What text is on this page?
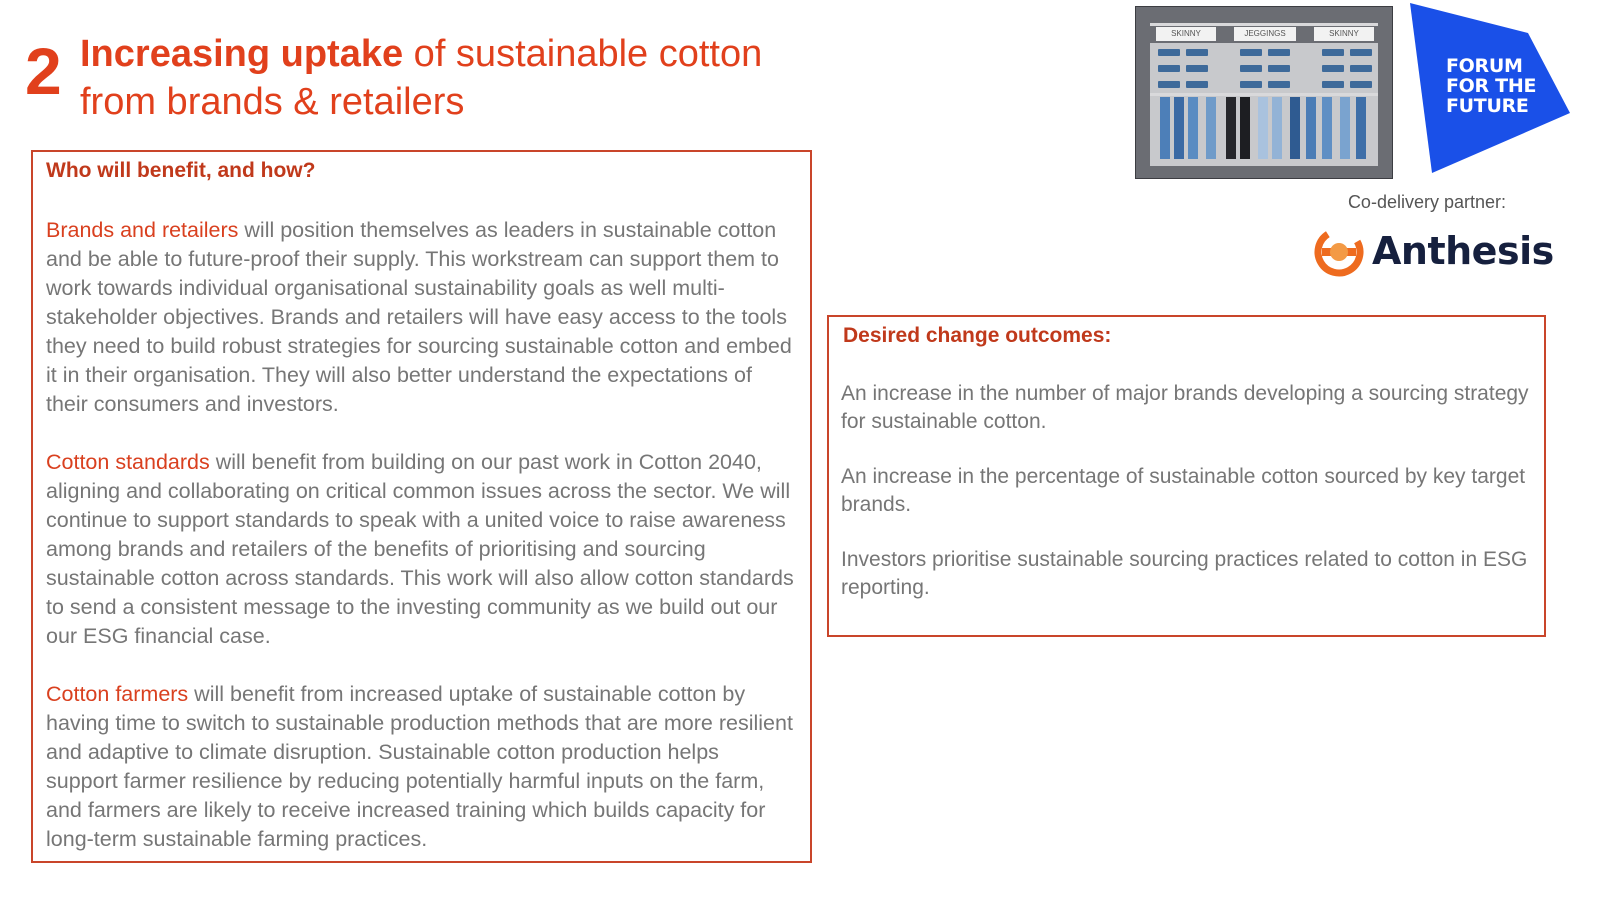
2 Increasing uptake of sustainable cotton
from brands & retailers

Who will benefit, and how?

Brands and retailers will position themselves as leaders in sustainable cotton and be able to future-proof their supply. This workstream can support them to work towards individual organisational sustainability goals as well multi-stakeholder objectives. Brands and retailers will have easy access to the tools they need to build robust strategies for sourcing sustainable cotton and embed it in their organisation. They will also better understand the expectations of their consumers and investors.

Cotton standards will benefit from building on our past work in Cotton 2040, aligning and collaborating on critical common issues across the sector. We will continue to support standards to speak with a united voice to raise awareness among brands and retailers of the benefits of prioritising and sourcing sustainable cotton across standards. This work will also allow cotton standards to send a consistent message to the investing community as we build out our our ESG financial case.

Cotton farmers will benefit from increased uptake of sustainable cotton by having time to switch to sustainable production methods that are more resilient and adaptive to climate disruption. Sustainable cotton production helps support farmer resilience by reducing potentially harmful inputs on the farm, and farmers are likely to receive increased training which builds capacity for long-term sustainable farming practices.

Desired change outcomes:

An increase in the number of major brands developing a sourcing strategy for sustainable cotton.

An increase in the percentage of sustainable cotton sourced by key target brands.

Investors prioritise sustainable sourcing practices related to cotton in ESG reporting.

SKINNY	JEGGINGS	SKINNY
FORUM
FOR THE
FUTURE
Co-delivery partner:
Anthesis
